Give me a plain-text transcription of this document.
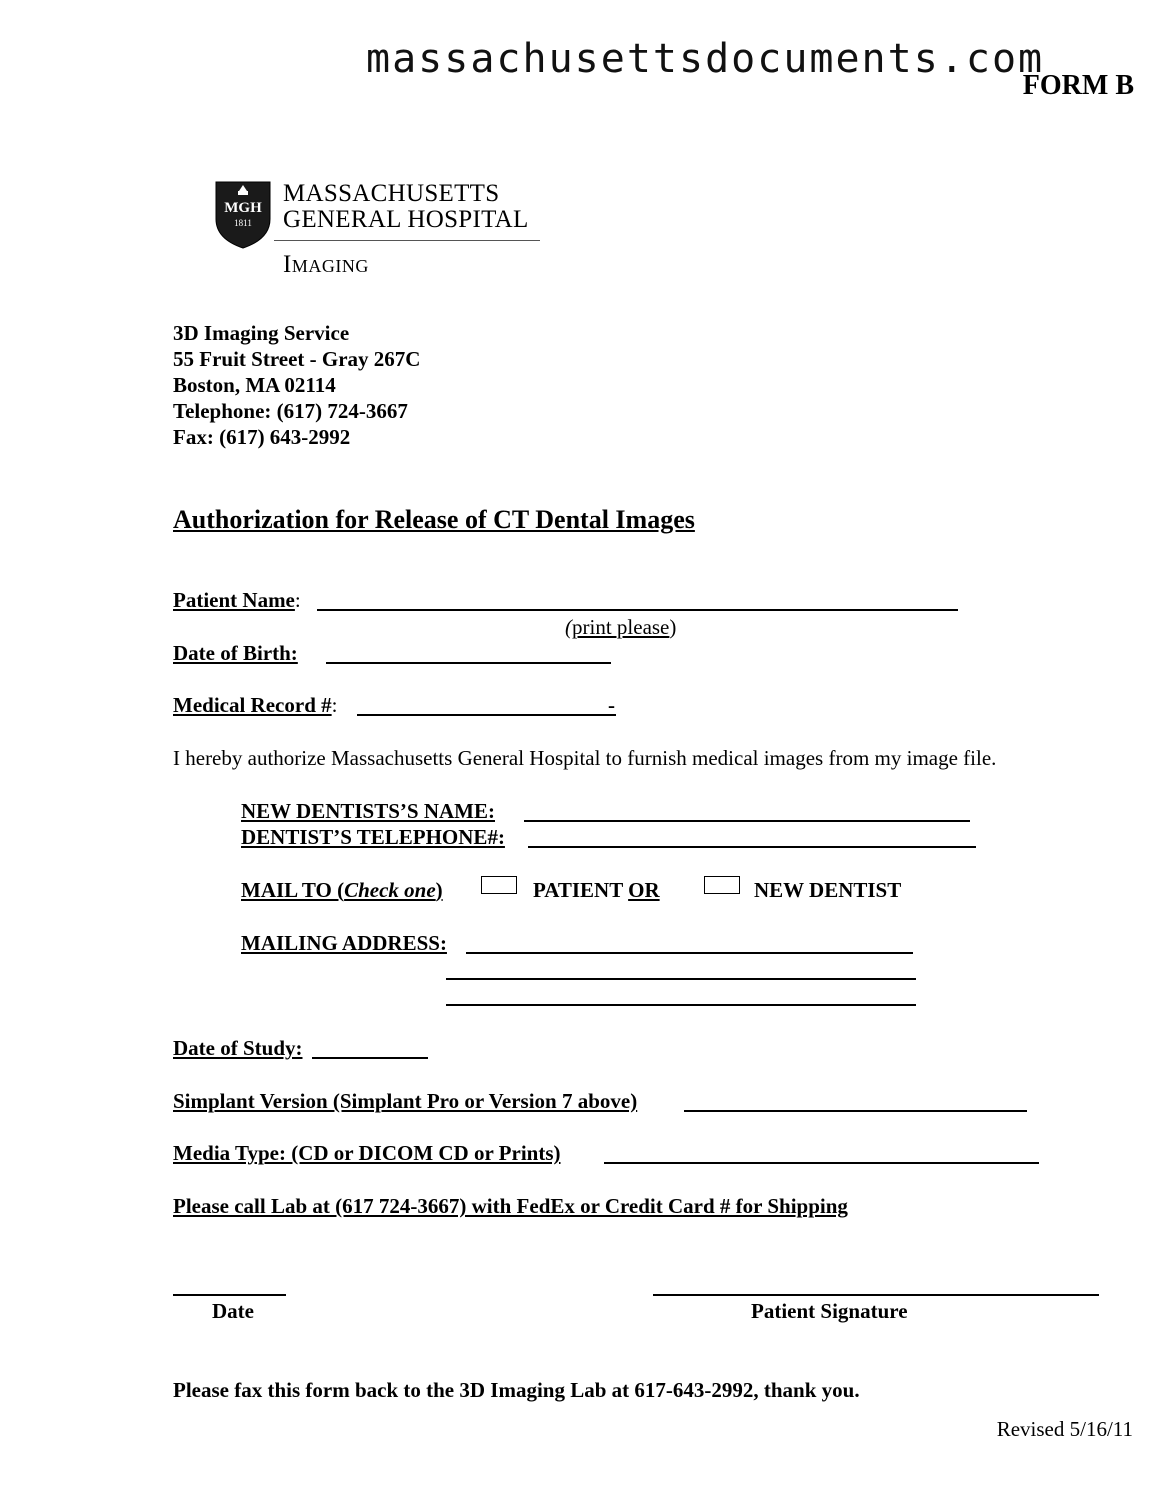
massachusettsdocuments.com
FORM B
MGH
1811
MASSACHUSETTS
GENERAL HOSPITAL
Imaging
3D Imaging Service
55 Fruit Street - Gray 267C
Boston, MA 02114
Telephone: (617) 724-3667
Fax: (617) 643-2992
Authorization for Release of CT Dental Images
Patient Name:
(print please)
Date of Birth:
Medical Record #:	-
I hereby authorize Massachusetts General Hospital to furnish medical images from my image file.
NEW DENTISTS’S NAME:
DENTIST’S TELEPHONE#:
MAIL TO (Check one)	PATIENT OR	NEW DENTIST
MAILING ADDRESS:
Date of Study:
Simplant Version (Simplant Pro or Version 7 above)
Media Type: (CD or DICOM CD or Prints)
Please call Lab at (617 724-3667) with FedEx or Credit Card # for Shipping
Date	Patient Signature
Please fax this form back to the 3D Imaging Lab at 617-643-2992, thank you.
Revised 5/16/11
